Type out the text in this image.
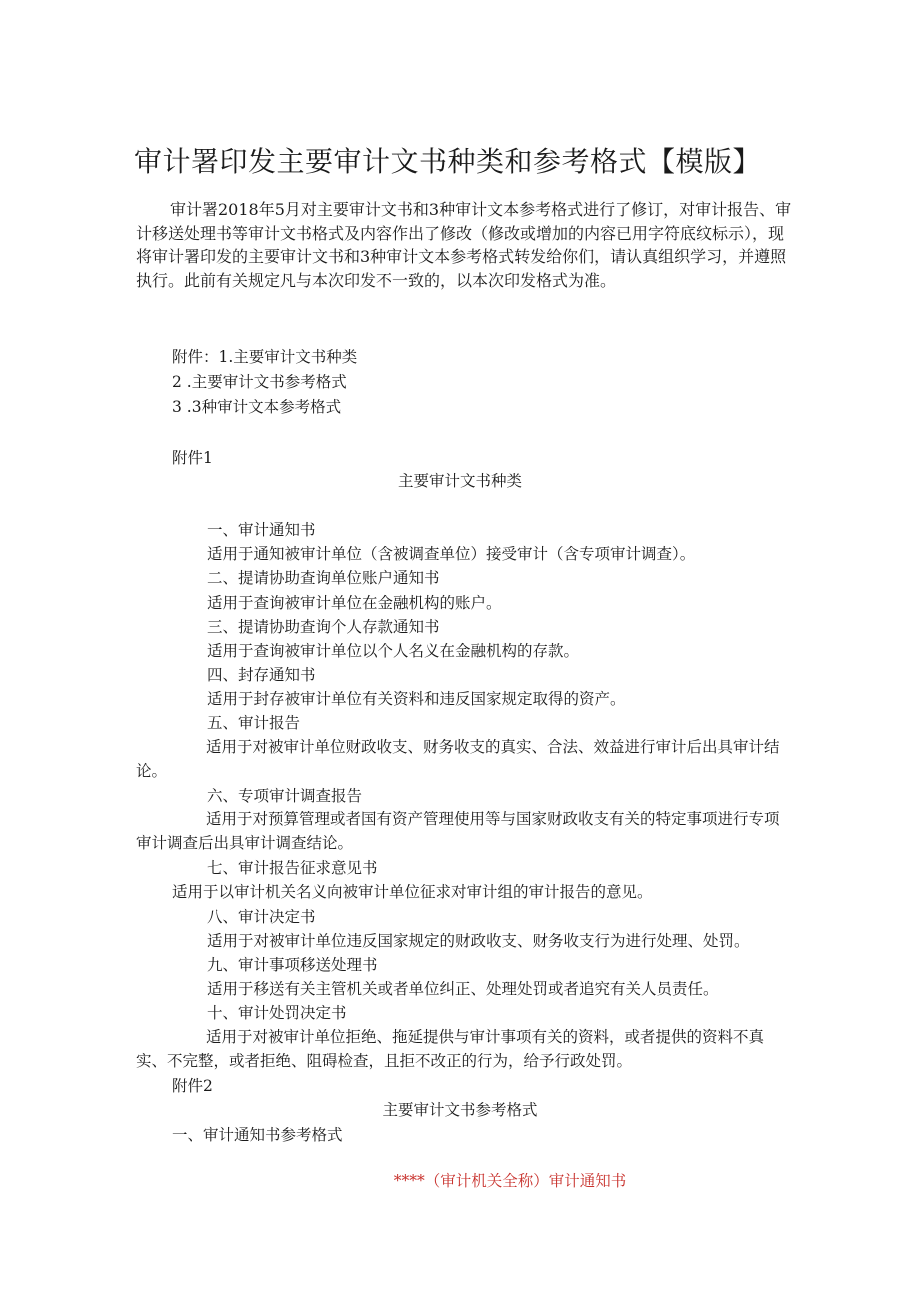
审计署印发主要审计文书种类和参考格式【模版】
审计署2018年5月对主要审计文书和3种审计文本参考格式进行了修订，对审计报告、审计移送处理书等审计文书格式及内容作出了修改（修改或增加的内容已用字符底纹标示），现将审计署印发的主要审计文书和3种审计文本参考格式转发给你们，请认真组织学习，并遵照执行。此前有关规定凡与本次印发不一致的，以本次印发格式为准。
附件：1.主要审计文书种类
2 .主要审计文书参考格式
3 .3种审计文本参考格式
附件1
主要审计文书种类
一、审计通知书
适用于通知被审计单位（含被调查单位）接受审计（含专项审计调查）。
二、提请协助查询单位账户通知书
适用于查询被审计单位在金融机构的账户。
三、提请协助查询个人存款通知书
适用于查询被审计单位以个人名义在金融机构的存款。
四、封存通知书
适用于封存被审计单位有关资料和违反国家规定取得的资产。
五、审计报告
适用于对被审计单位财政收支、财务收支的真实、合法、效益进行审计后出具审计结论。
六、专项审计调查报告
适用于对预算管理或者国有资产管理使用等与国家财政收支有关的特定事项进行专项审计调查后出具审计调查结论。
七、审计报告征求意见书
适用于以审计机关名义向被审计单位征求对审计组的审计报告的意见。
八、审计决定书
适用于对被审计单位违反国家规定的财政收支、财务收支行为进行处理、处罚。
九、审计事项移送处理书
适用于移送有关主管机关或者单位纠正、处理处罚或者追究有关人员责任。
十、审计处罚决定书
适用于对被审计单位拒绝、拖延提供与审计事项有关的资料，或者提供的资料不真实、不完整，或者拒绝、阻碍检查，且拒不改正的行为，给予行政处罚。
附件2
主要审计文书参考格式
一、审计通知书参考格式
****（审计机关全称）审计通知书
